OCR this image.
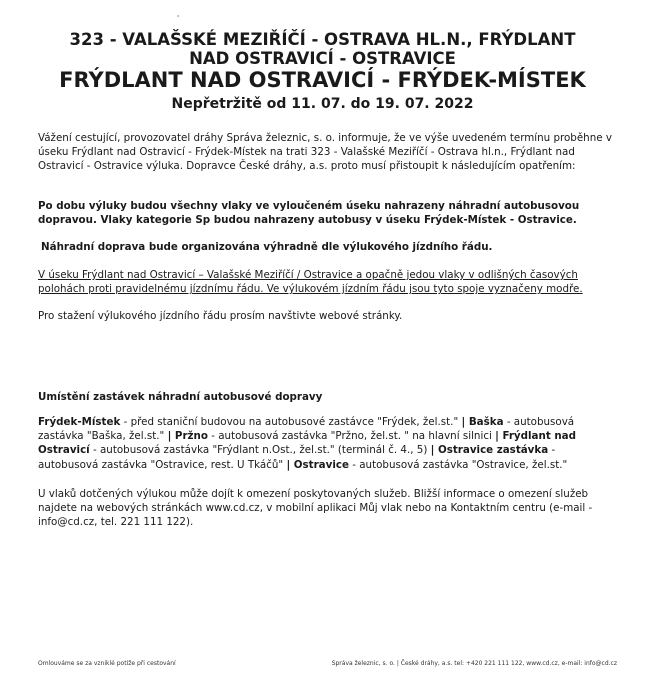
'
323 - VALAŠSKÉ MEZIŘÍČÍ - OSTRAVA HL.N., FRÝDLANT
NAD OSTRAVICÍ - OSTRAVICE
FRÝDLANT NAD OSTRAVICÍ - FRÝDEK-MÍSTEK
Nepřetržitě od 11. 07. do 19. 07. 2022
Vážení cestující, provozovatel dráhy Správa železnic, s. o. informuje, že ve výše uvedeném termínu proběhne v úseku Frýdlant nad Ostravicí - Frýdek-Místek na trati 323 - Valašské Meziříčí - Ostrava hl.n., Frýdlant nad Ostravicí - Ostravice výluka. Dopravce České dráhy, a.s. proto musí přistoupit k následujícím opatřením:
Po dobu výluky budou všechny vlaky ve vyloučeném úseku nahrazeny náhradní autobusovou dopravou. Vlaky kategorie Sp budou nahrazeny autobusy v úseku Frýdek-Místek - Ostravice.
Náhradní doprava bude organizována výhradně dle výlukového jízdního řádu.
V úseku Frýdlant nad Ostravicí – Valašské Meziříčí / Ostravice a opačně jedou vlaky v odlišných časových polohách proti pravidelnému jízdnímu řádu. Ve výlukovém jízdním řádu jsou tyto spoje vyznačeny modře.
Pro stažení výlukového jízdního řádu prosím navštivte webové stránky.
Umístění zastávek náhradní autobusové dopravy
Frýdek-Místek - před staniční budovou na autobusové zastávce "Frýdek, žel.st." | Baška - autobusová zastávka "Baška, žel.st." | Pržno - autobusová zastávka "Pržno, žel.st. " na hlavní silnici | Frýdlant nad Ostravicí - autobusová zastávka "Frýdlant n.Ost., žel.st." (terminál č. 4., 5) | Ostravice zastávka - autobusová zastávka "Ostravice, rest. U Tkáčů" | Ostravice - autobusová zastávka "Ostravice, žel.st."
U vlaků dotčených výlukou může dojít k omezení poskytovaných služeb. Bližší informace o omezení služeb najdete na webových stránkách www.cd.cz, v mobilní aplikaci Můj vlak nebo na Kontaktním centru (e-mail - info@cd.cz, tel. 221 111 122).
Omlouváme se za vzniklé potíže při cestování	Správa železnic, s. o. | České dráhy, a.s. tel: +420 221 111 122, www.cd.cz, e-mail: info@cd.cz
